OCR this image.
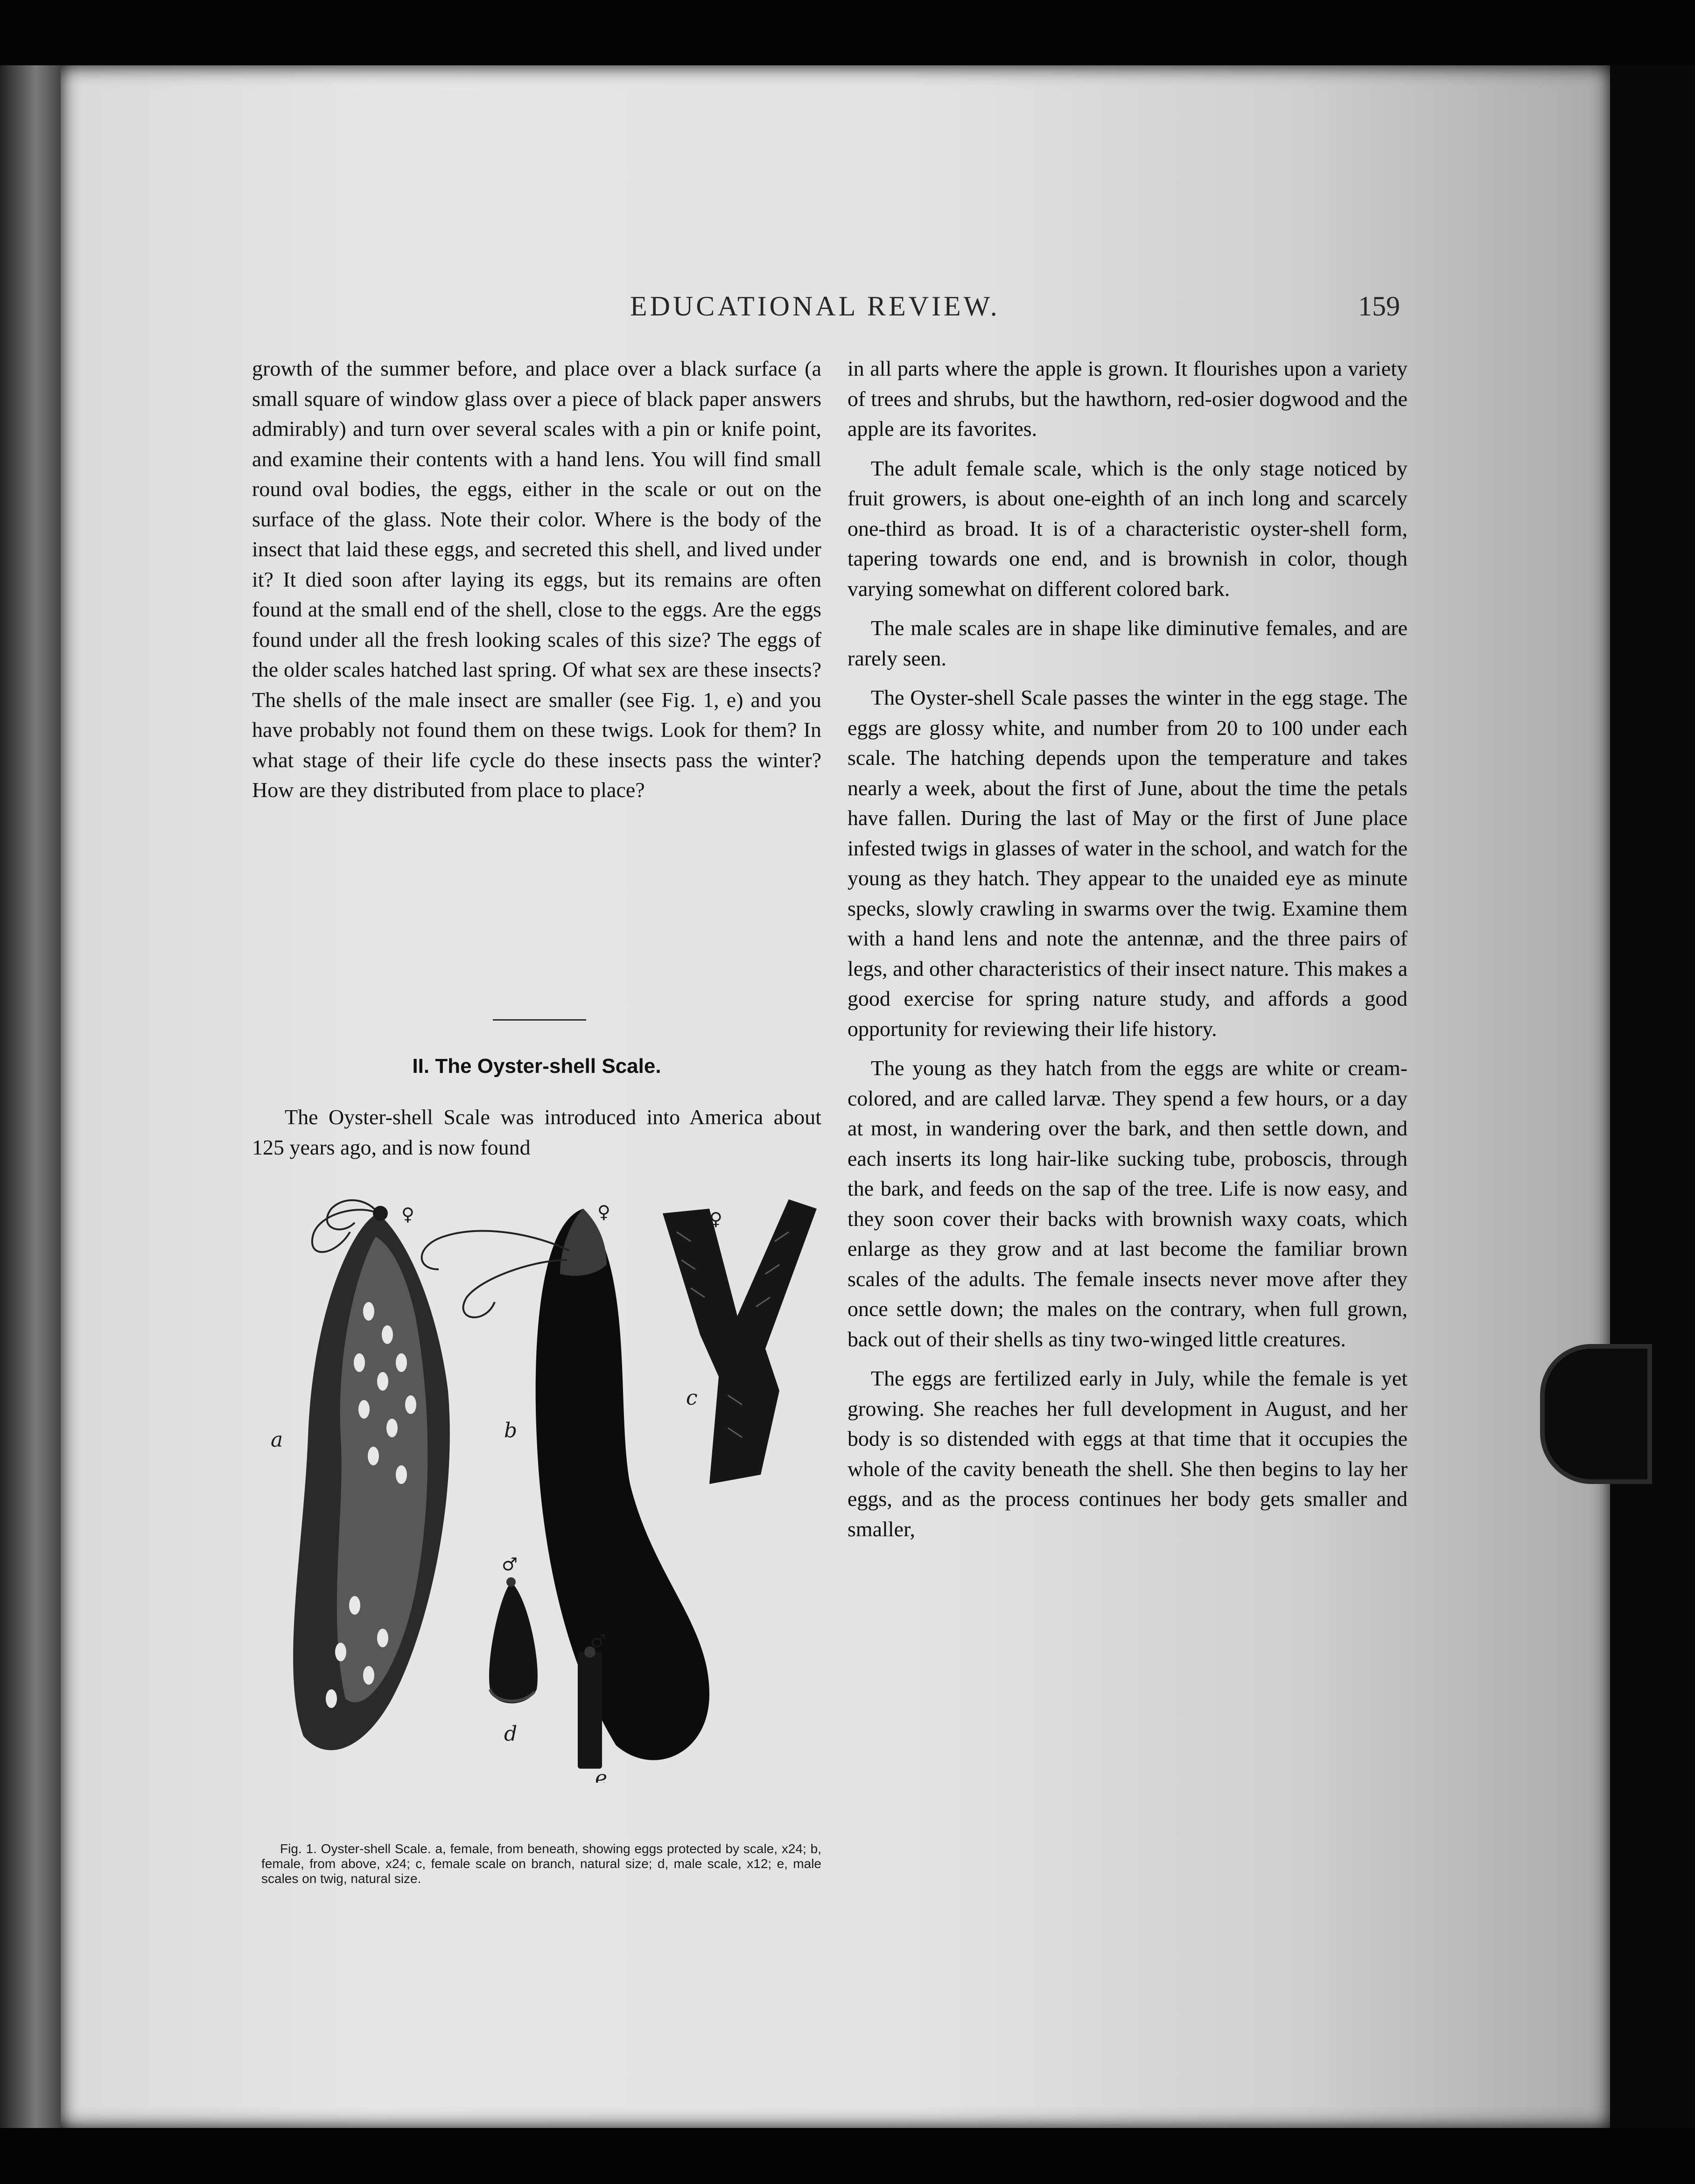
EDUCATIONAL REVIEW.	159

growth of the summer before, and place over a black surface (a small square of window glass over a piece of black paper answers admirably) and turn over several scales with a pin or knife point, and examine their contents with a hand lens. You will find small round oval bodies, the eggs, either in the scale or out on the surface of the glass. Note their color. Where is the body of the insect that laid these eggs, and secreted this shell, and lived under it? It died soon after laying its eggs, but its remains are often found at the small end of the shell, close to the eggs. Are the eggs found under all the fresh looking scales of this size? The eggs of the older scales hatched last spring. Of what sex are these insects? The shells of the male insect are smaller (see Fig. 1, e) and you have probably not found them on these twigs. Look for them? In what stage of their life cycle do these insects pass the winter? How are they distributed from place to place?

II. The Oyster-shell Scale.

The Oyster-shell Scale was introduced into America about 125 years ago, and is now found

a
♀
b
♀
c
♀
d
♂
e
♂

Fig. 1. Oyster-shell Scale. a, female, from beneath, showing eggs protected by scale, x24; b, female, from above, x24; c, female scale on branch, natural size; d, male scale, x12; e, male scales on twig, natural size.

in all parts where the apple is grown. It flourishes upon a variety of trees and shrubs, but the hawthorn, red-osier dogwood and the apple are its favorites.

The adult female scale, which is the only stage noticed by fruit growers, is about one-eighth of an inch long and scarcely one-third as broad. It is of a characteristic oyster-shell form, tapering towards one end, and is brownish in color, though varying somewhat on different colored bark.

The male scales are in shape like diminutive females, and are rarely seen.

The Oyster-shell Scale passes the winter in the egg stage. The eggs are glossy white, and number from 20 to 100 under each scale. The hatching depends upon the temperature and takes nearly a week, about the first of June, about the time the petals have fallen. During the last of May or the first of June place infested twigs in glasses of water in the school, and watch for the young as they hatch. They appear to the unaided eye as minute specks, slowly crawling in swarms over the twig. Examine them with a hand lens and note the antennæ, and the three pairs of legs, and other characteristics of their insect nature. This makes a good exercise for spring nature study, and affords a good opportunity for reviewing their life history.

The young as they hatch from the eggs are white or cream-colored, and are called larvæ. They spend a few hours, or a day at most, in wandering over the bark, and then settle down, and each inserts its long hair-like sucking tube, proboscis, through the bark, and feeds on the sap of the tree. Life is now easy, and they soon cover their backs with brownish waxy coats, which enlarge as they grow and at last become the familiar brown scales of the adults. The female insects never move after they once settle down; the males on the contrary, when full grown, back out of their shells as tiny two-winged little creatures.

The eggs are fertilized early in July, while the female is yet growing. She reaches her full development in August, and her body is so distended with eggs at that time that it occupies the whole of the cavity beneath the shell. She then begins to lay her eggs, and as the process continues her body gets smaller and smaller,
